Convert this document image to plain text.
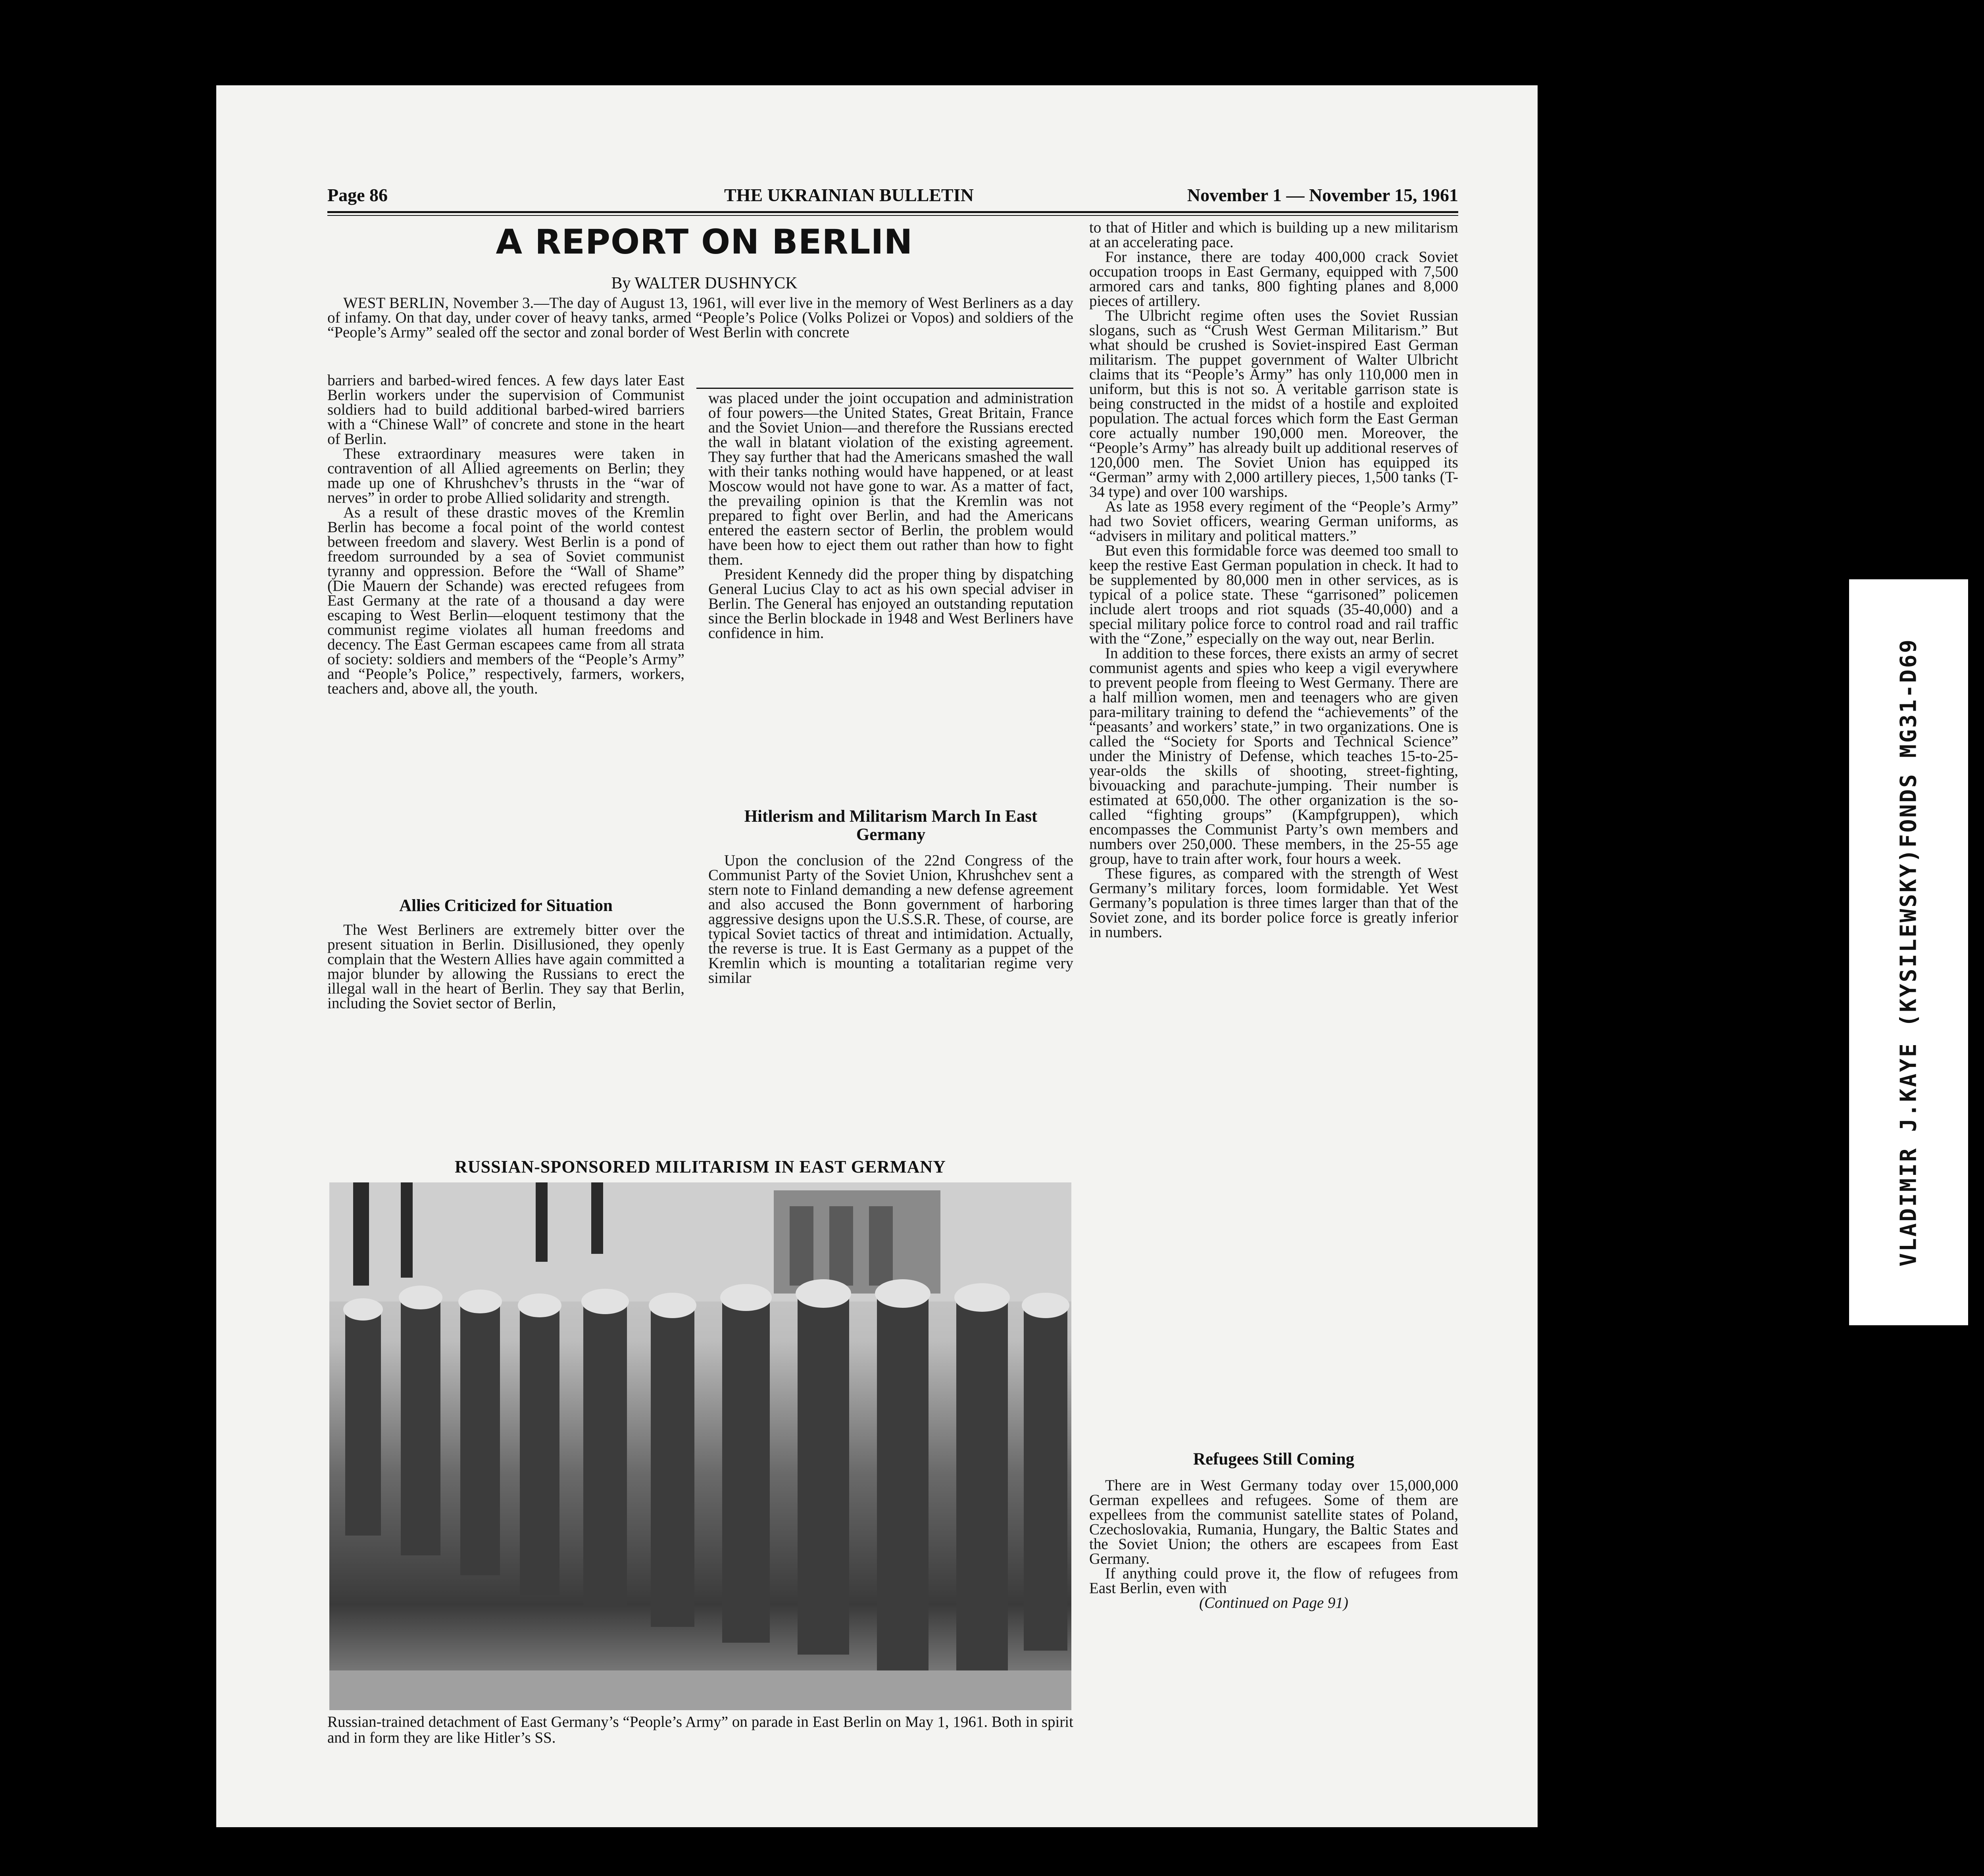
Page 86	THE UKRAINIAN BULLETIN	November 1 — November 15, 1961
A REPORT ON BERLIN
By WALTER DUSHNYCK

WEST BERLIN, November 3.—The day of August 13, 1961, will ever live in the memory of West Berliners as a day of infamy. On that day, under cover of heavy tanks, armed “People’s Police (Volks Polizei or Vopos) and soldiers of the “People’s Army” sealed off the sector and zonal border of West Berlin with concrete

barriers and barbed-wired fences. A few days later East Berlin workers under the supervision of Communist soldiers had to build additional barbed-wired barriers with a “Chinese Wall” of concrete and stone in the heart of Berlin.

These extraordinary measures were taken in contravention of all Allied agreements on Berlin; they made up one of Khrushchev’s thrusts in the “war of nerves” in order to probe Allied solidarity and strength.

As a result of these drastic moves of the Kremlin Berlin has become a focal point of the world contest between freedom and slavery. West Berlin is a pond of freedom surrounded by a sea of Soviet communist tyranny and oppression. Before the “Wall of Shame” (Die Mauern der Schande) was erected refugees from East Germany at the rate of a thousand a day were escaping to West Berlin—eloquent testimony that the communist regime violates all human freedoms and decency. The East German escapees came from all strata of society: soldiers and members of the “People’s Army” and “People’s Police,” respectively, farmers, workers, teachers and, above all, the youth.

Allies Criticized for Situation

The West Berliners are extremely bitter over the present situation in Berlin. Disillusioned, they openly complain that the Western Allies have again committed a major blunder by allowing the Russians to erect the illegal wall in the heart of Berlin. They say that Berlin, including the Soviet sector of Berlin,

was placed under the joint occupation and administration of four powers—the United States, Great Britain, France and the Soviet Union—and therefore the Russians erected the wall in blatant violation of the existing agreement. They say further that had the Americans smashed the wall with their tanks nothing would have happened, or at least Moscow would not have gone to war. As a matter of fact, the prevailing opinion is that the Kremlin was not prepared to fight over Berlin, and had the Americans entered the eastern sector of Berlin, the problem would have been how to eject them out rather than how to fight them.

President Kennedy did the proper thing by dispatching General Lucius Clay to act as his own special adviser in Berlin. The General has enjoyed an outstanding reputation since the Berlin blockade in 1948 and West Berliners have confidence in him.

Hitlerism and Militarism March In East Germany

Upon the conclusion of the 22nd Congress of the Communist Party of the Soviet Union, Khrushchev sent a stern note to Finland demanding a new defense agreement and also accused the Bonn government of harboring aggressive designs upon the U.S.S.R. These, of course, are typical Soviet tactics of threat and intimidation. Actually, the reverse is true. It is East Germany as a puppet of the Kremlin which is mounting a totalitarian regime very similar

to that of Hitler and which is building up a new militarism at an accelerating pace.

For instance, there are today 400,000 crack Soviet occupation troops in East Germany, equipped with 7,500 armored cars and tanks, 800 fighting planes and 8,000 pieces of artillery.

The Ulbricht regime often uses the Soviet Russian slogans, such as “Crush West German Militarism.” But what should be crushed is Soviet-inspired East German militarism. The puppet government of Walter Ulbricht claims that its “People’s Army” has only 110,000 men in uniform, but this is not so. A veritable garrison state is being constructed in the midst of a hostile and exploited population. The actual forces which form the East German core actually number 190,000 men. Moreover, the “People’s Army” has already built up additional reserves of 120,000 men. The Soviet Union has equipped its “German” army with 2,000 artillery pieces, 1,500 tanks (T-34 type) and over 100 warships.

As late as 1958 every regiment of the “People’s Army” had two Soviet officers, wearing German uniforms, as “advisers in military and political matters.”

But even this formidable force was deemed too small to keep the restive East German population in check. It had to be supplemented by 80,000 men in other services, as is typical of a police state. These “garrisoned” policemen include alert troops and riot squads (35-40,000) and a special military police force to control road and rail traffic with the “Zone,” especially on the way out, near Berlin.

In addition to these forces, there exists an army of secret communist agents and spies who keep a vigil everywhere to prevent people from fleeing to West Germany. There are a half million women, men and teenagers who are given para-military training to defend the “achievements” of the “peasants’ and workers’ state,” in two organizations. One is called the “Society for Sports and Technical Science” under the Ministry of Defense, which teaches 15-to-25-year-olds the skills of shooting, street-fighting, bivouacking and parachute-jumping. Their number is estimated at 650,000. The other organization is the so-called “fighting groups” (Kampfgruppen), which encompasses the Communist Party’s own members and numbers over 250,000. These members, in the 25-55 age group, have to train after work, four hours a week.

These figures, as compared with the strength of West Germany’s military forces, loom formidable. Yet West Germany’s population is three times larger than that of the Soviet zone, and its border police force is greatly inferior in numbers.

Refugees Still Coming

There are in West Germany today over 15,000,000 German expellees and refugees. Some of them are expellees from the communist satellite states of Poland, Czechoslovakia, Rumania, Hungary, the Baltic States and the Soviet Union; the others are escapees from East Germany.

If anything could prove it, the flow of refugees from East Berlin, even with

(Continued on Page 91)

RUSSIAN-SPONSORED MILITARISM IN EAST GERMANY
Russian-trained detachment of East Germany’s “People’s Army” on parade in East Berlin on May 1, 1961. Both in spirit and in form they are like Hitler’s SS.
VLADIMIR J.KAYE (KYSILEWSKY)FONDS MG31-D69
